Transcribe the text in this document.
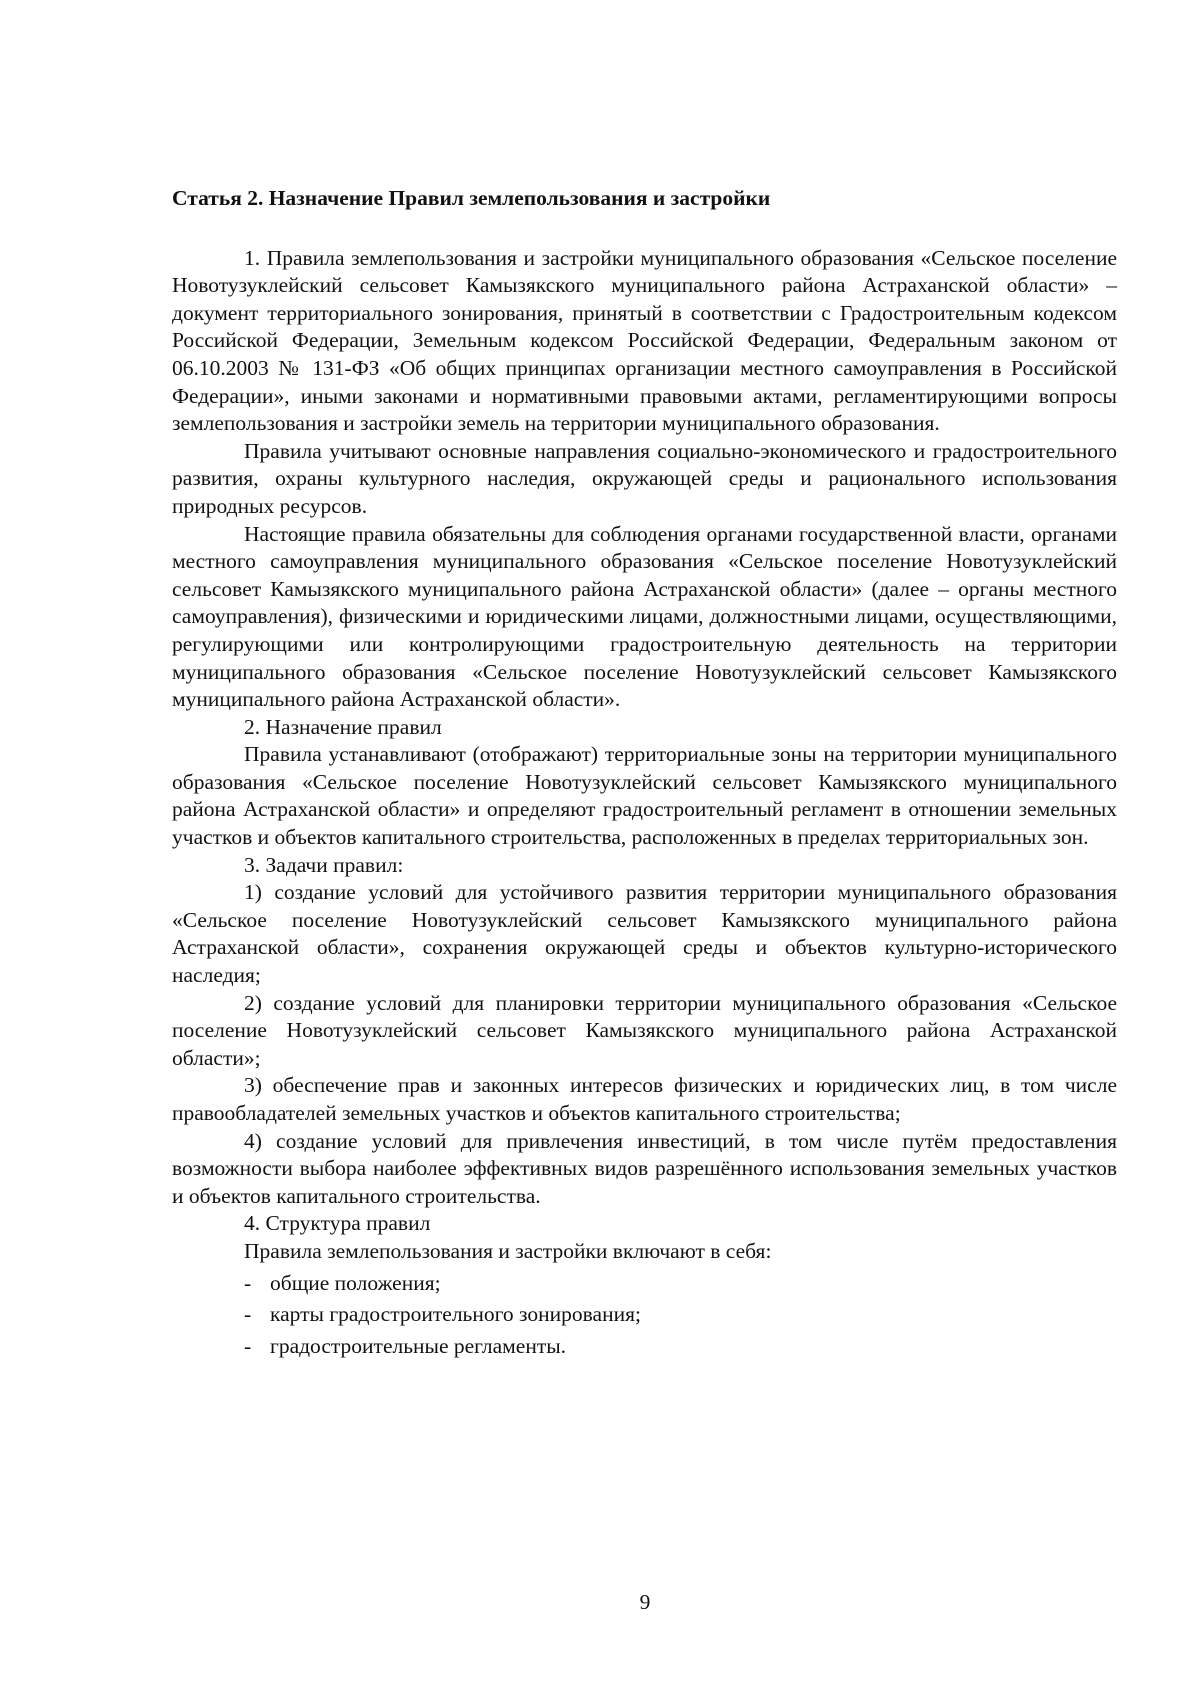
Статья 2. Назначение Правил землепользования и застройки

1. Правила землепользования и застройки муниципального образования «Сельское поселение Новотузуклейский сельсовет Камызякского муниципального района Астраханской области» – документ территориального зонирования, принятый в соответствии с Градостроительным кодексом Российской Федерации, Земельным кодексом Российской Федерации, Федеральным законом от 06.10.2003 № 131-ФЗ «Об общих принципах организации местного самоуправления в Российской Федерации», иными законами и нормативными правовыми актами, регламентирующими вопросы землепользования и застройки земель на территории муниципального образования.

Правила учитывают основные направления социально-экономического и градостроительного развития, охраны культурного наследия, окружающей среды и рационального использования природных ресурсов.

Настоящие правила обязательны для соблюдения органами государственной власти, органами местного самоуправления муниципального образования «Сельское поселение Новотузуклейский сельсовет Камызякского муниципального района Астраханской области» (далее – органы местного самоуправления), физическими и юридическими лицами, должностными лицами, осуществляющими, регулирующими или контролирующими градостроительную деятельность на территории муниципального образования «Сельское поселение Новотузуклейский сельсовет Камызякского муниципального района Астраханской области».

2. Назначение правил

Правила устанавливают (отображают) территориальные зоны на территории муниципального образования «Сельское поселение Новотузуклейский сельсовет Камызякского муниципального района Астраханской области» и определяют градостроительный регламент в отношении земельных участков и объектов капитального строительства, расположенных в пределах территориальных зон.

3. Задачи правил:

1) создание условий для устойчивого развития территории муниципального образования «Сельское поселение Новотузуклейский сельсовет Камызякского муниципального района Астраханской области», сохранения окружающей среды и объектов культурно-исторического наследия;

2) создание условий для планировки территории муниципального образования «Сельское поселение Новотузуклейский сельсовет Камызякского муниципального района Астраханской области»;

3) обеспечение прав и законных интересов физических и юридических лиц, в том числе правообладателей земельных участков и объектов капитального строительства;

4) создание условий для привлечения инвестиций, в том числе путём предоставления возможности выбора наиболее эффективных видов разрешённого использования земельных участков и объектов капитального строительства.

4. Структура правил

Правила землепользования и застройки включают в себя:

- общие положения;
- карты градостроительного зонирования;
- градостроительные регламенты.
9
